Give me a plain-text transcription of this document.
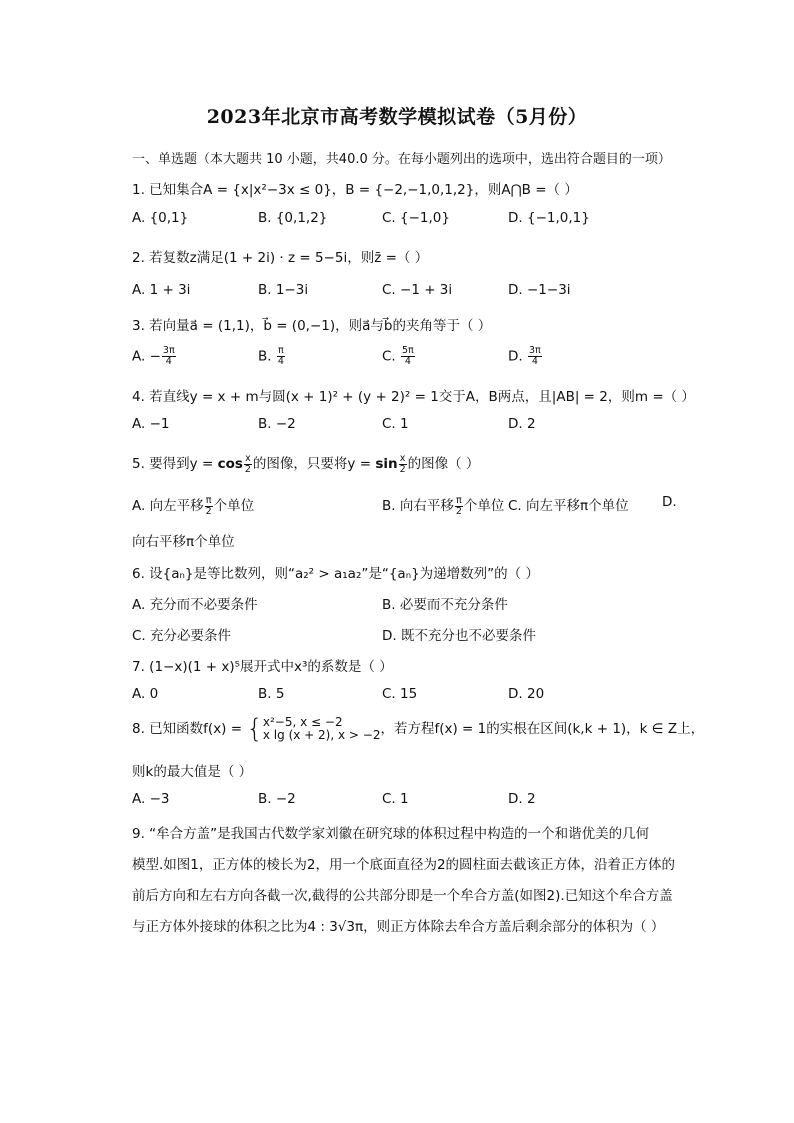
2023年北京市高考数学模拟试卷（5月份）
一、单选题（本大题共 10 小题，共40.0 分。在每小题列出的选项中，选出符合题目的一项）
1. 已知集合A = {x|x²−3x ≤ 0}，B = {−2,−1,0,1,2}，则A⋂B =（ ）
A. {0,1}	B. {0,1,2}	C. {−1,0}	D. {−1,0,1}
2. 若复数z满足(1 + 2i) · z = 5−5i，则z̄ =（ ）
A. 1 + 3i	B. 1−3i	C. −1 + 3i	D. −1−3i
3. 若向量a⃗ = (1,1)，b⃗ = (0,−1)，则a⃗与b⃗的夹角等于（ ）
A. − $\frac{3\pi}{4}$	B. $\frac{\pi}{4}$	C. $\frac{5\pi}{4}$	D. $\frac{3\pi}{4}$
4. 若直线y = x + m与圆(x + 1)² + (y + 2)² = 1交于A，B两点，且|AB| = 2，则m =（ ）
A. −1	B. −2	C. 1	D. 2
5. 要得到$y = \cos \frac{x}{2}$ 的图像，只要将$y = \sin \frac{x}{2}$ 的图像（ ）
A. 向左平移 $\frac{\pi}{2}$ 个单位	B. 向右平移 $\frac{\pi}{2}$ 个单位 C. 向左平移π个单位 D.
向右平移π个单位
6. 设{aₙ}是等比数列，则“a₂² > a₁a₂”是“{aₙ}为递增数列”的（ ）
A. 充分而不必要条件	B. 必要而不充分条件
C. 充分必要条件	D. 既不充分也不必要条件
7. (1−x)(1 + x)⁵展开式中x³的系数是（ ）
A. 0	B. 5	C. 15	D. 20
8. 已知函数f(x) = { x²−5, x ≤ −2
x lg (x + 2), x > −2 ，若方程f(x) = 1的实根在区间(k,k + 1)，k ∈ Z上，
则k的最大值是（ ）
A. −3	B. −2	C. 1	D. 2
9. “牟合方盖”是我国古代数学家刘徽在研究球的体积过程中构造的一个和谐优美的几何
模型.如图1，正方体的棱长为2，用一个底面直径为2的圆柱面去截该正方体，沿着正方体的
前后方向和左右方向各截一次,截得的公共部分即是一个牟合方盖(如图2).已知这个牟合方盖
与正方体外接球的体积之比为4 : 3√3π，则正方体除去牟合方盖后剩余部分的体积为（ ）
